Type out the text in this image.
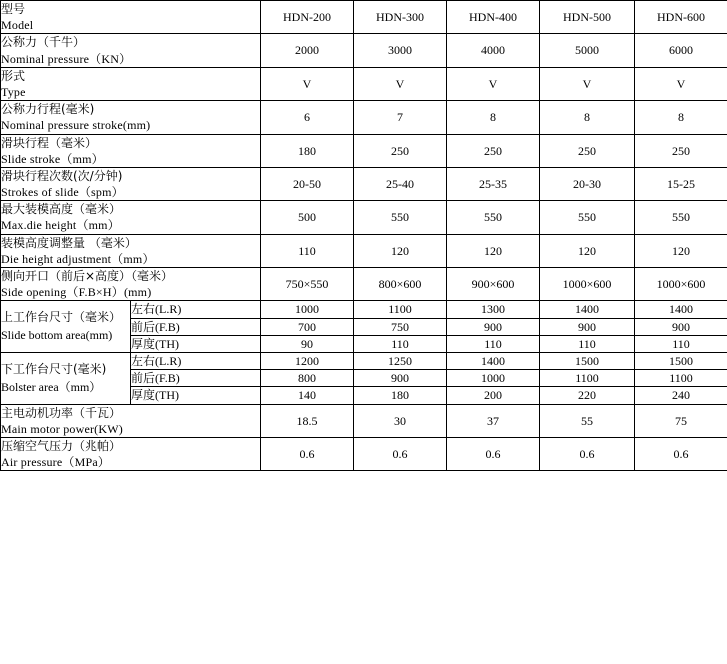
型号
Model		HDN-200	HDN-300	HDN-400	HDN-500	HDN-600

公称力（千牛）
Nominal pressure（KN）		2000	3000	4000	5000	6000

形式
Type		V	V	V	V	V

公称力行程(毫米)
Nominal pressure stroke(mm)		6	7	8	8	8

滑块行程（毫米）
Slide stroke（mm）		180	250	250	250	250

滑块行程次数(次/分钟)
Strokes of slide（spm）		20-50	25-40	25-35	20-30	15-25

最大装模高度（毫米）
Max.die height（mm）		500	550	550	550	550

装模高度调整量 （毫米）
Die height adjustment（mm）		110	120	120	120	120

侧向开口（前后×高度）（毫米）
Side opening（F.B×H）(mm)		750×550	800×600	900×600	1000×600	1000×600

上工作台尺寸（毫米）
Slide bottom area(mm)	左右(L.R)	1000	1100	1300	1400	1400
	前后(F.B)	700	750	900	900	900
	厚度(TH)	90	110	110	110	110

下工作台尺寸(毫米)
Bolster area（mm）	左右(L.R)	1200	1250	1400	1500	1500
	前后(F.B)	800	900	1000	1100	1100
	厚度(TH)	140	180	200	220	240

主电动机功率（千瓦）
Main motor power(KW)		18.5	30	37	55	75

压缩空气压力（兆帕）
Air pressure（MPa）		0.6	0.6	0.6	0.6	0.6
